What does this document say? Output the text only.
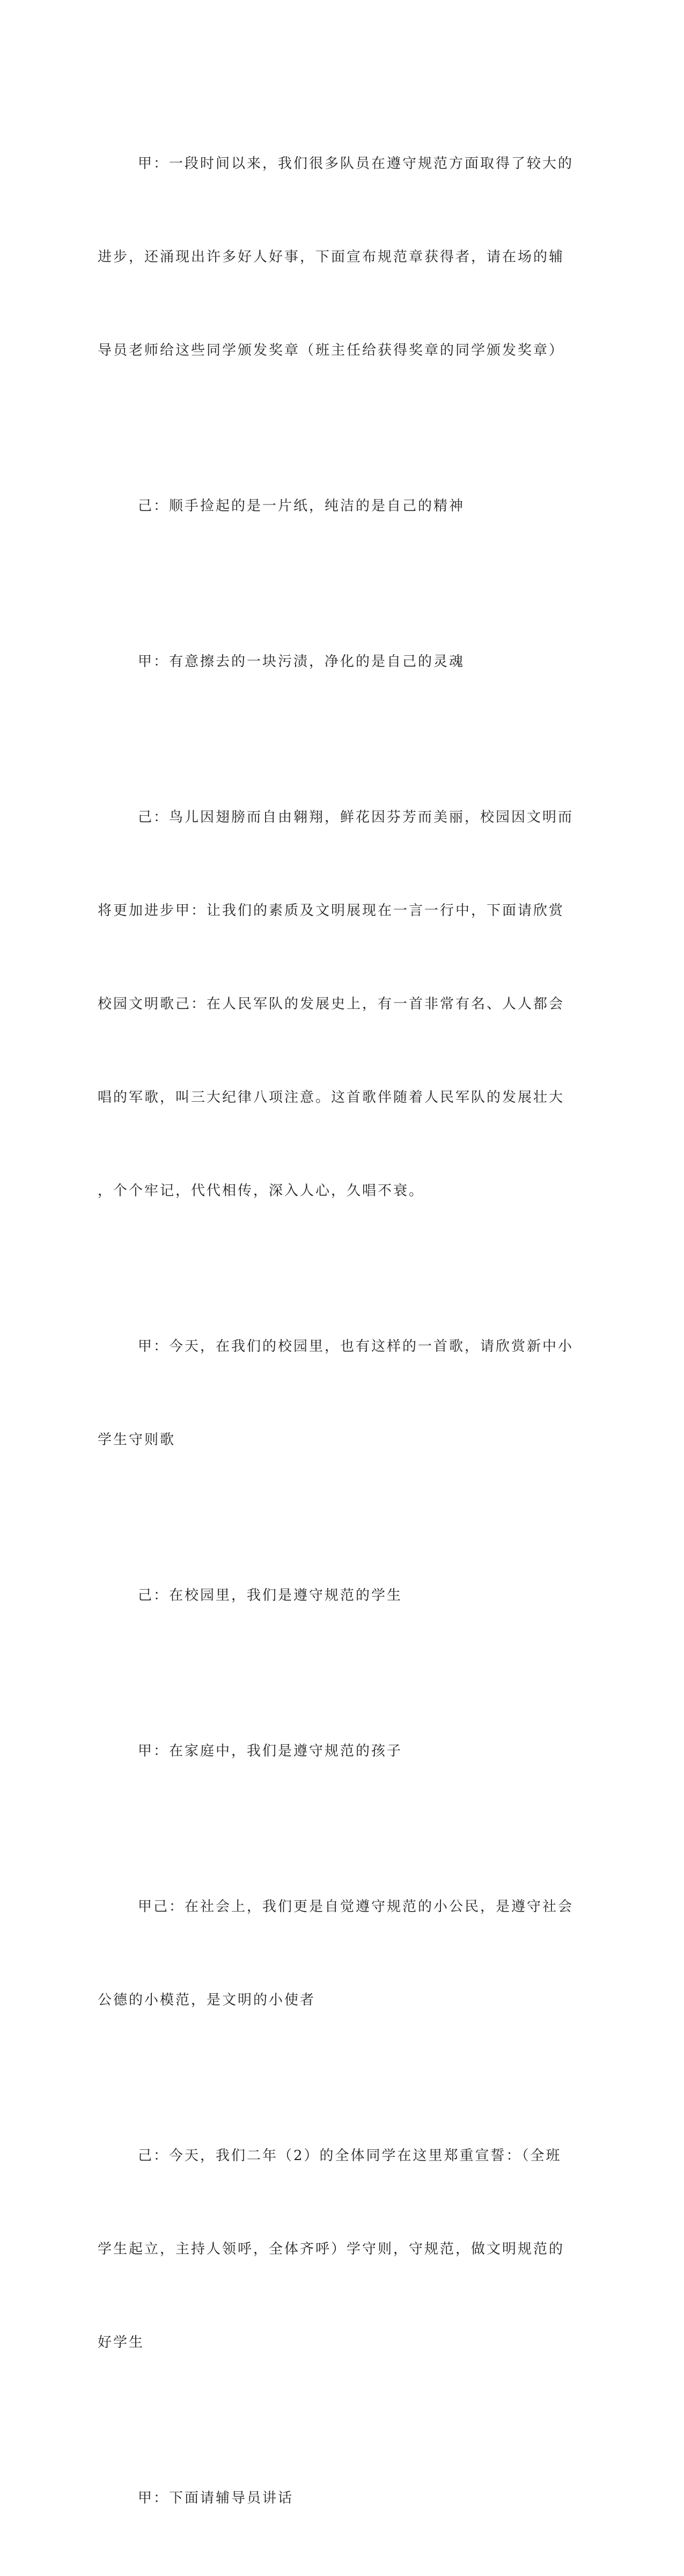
甲：一段时间以来，我们很多队员在遵守规范方面取得了较大的

进步，还涌现出许多好人好事，下面宣布规范章获得者，请在场的辅

导员老师给这些同学颁发奖章（班主任给获得奖章的同学颁发奖章）

己：顺手捡起的是一片纸，纯洁的是自己的精神

甲：有意擦去的一块污渍，净化的是自己的灵魂

己：鸟儿因翅膀而自由翱翔，鲜花因芬芳而美丽，校园因文明而

将更加进步甲：让我们的素质及文明展现在一言一行中，下面请欣赏

校园文明歌己：在人民军队的发展史上，有一首非常有名、人人都会

唱的军歌，叫三大纪律八项注意。这首歌伴随着人民军队的发展壮大

，个个牢记，代代相传，深入人心，久唱不衰。

甲：今天，在我们的校园里，也有这样的一首歌，请欣赏新中小

学生守则歌

己：在校园里，我们是遵守规范的学生

甲：在家庭中，我们是遵守规范的孩子

甲己：在社会上，我们更是自觉遵守规范的小公民，是遵守社会

公德的小模范，是文明的小使者

己：今天，我们二年（2）的全体同学在这里郑重宣誓：（全班

学生起立，主持人领呼，全体齐呼）学守则，守规范，做文明规范的

好学生

甲：下面请辅导员讲话
